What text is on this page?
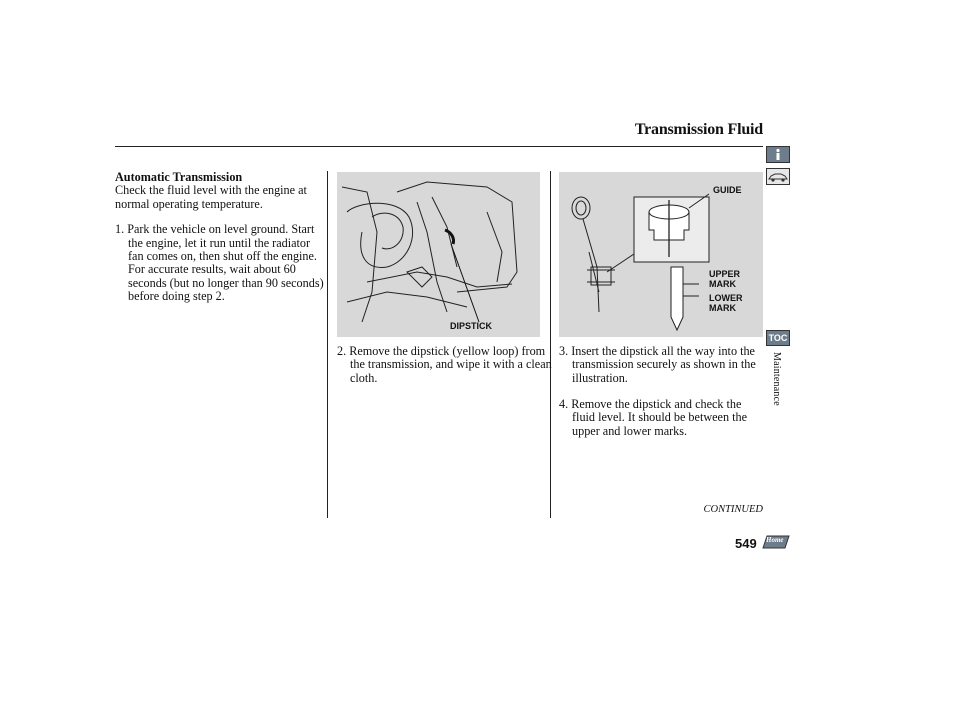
Transmission Fluid
TOC
Maintenance
Automatic Transmission
Check the fluid level with the engine at normal operating temperature.
1. Park the vehicle on level ground. Start the engine, let it run until the radiator fan comes on, then shut off the engine. For accurate results, wait about 60 seconds (but no longer than 90 seconds) before doing step 2.
DIPSTICK
GUIDE
UPPER MARK
LOWER MARK
2. Remove the dipstick (yellow loop) from the transmission, and wipe it with a clean cloth.
3. Insert the dipstick all the way into the transmission securely as shown in the illustration.
4. Remove the dipstick and check the fluid level. It should be between the upper and lower marks.
CONTINUED
549 Home
